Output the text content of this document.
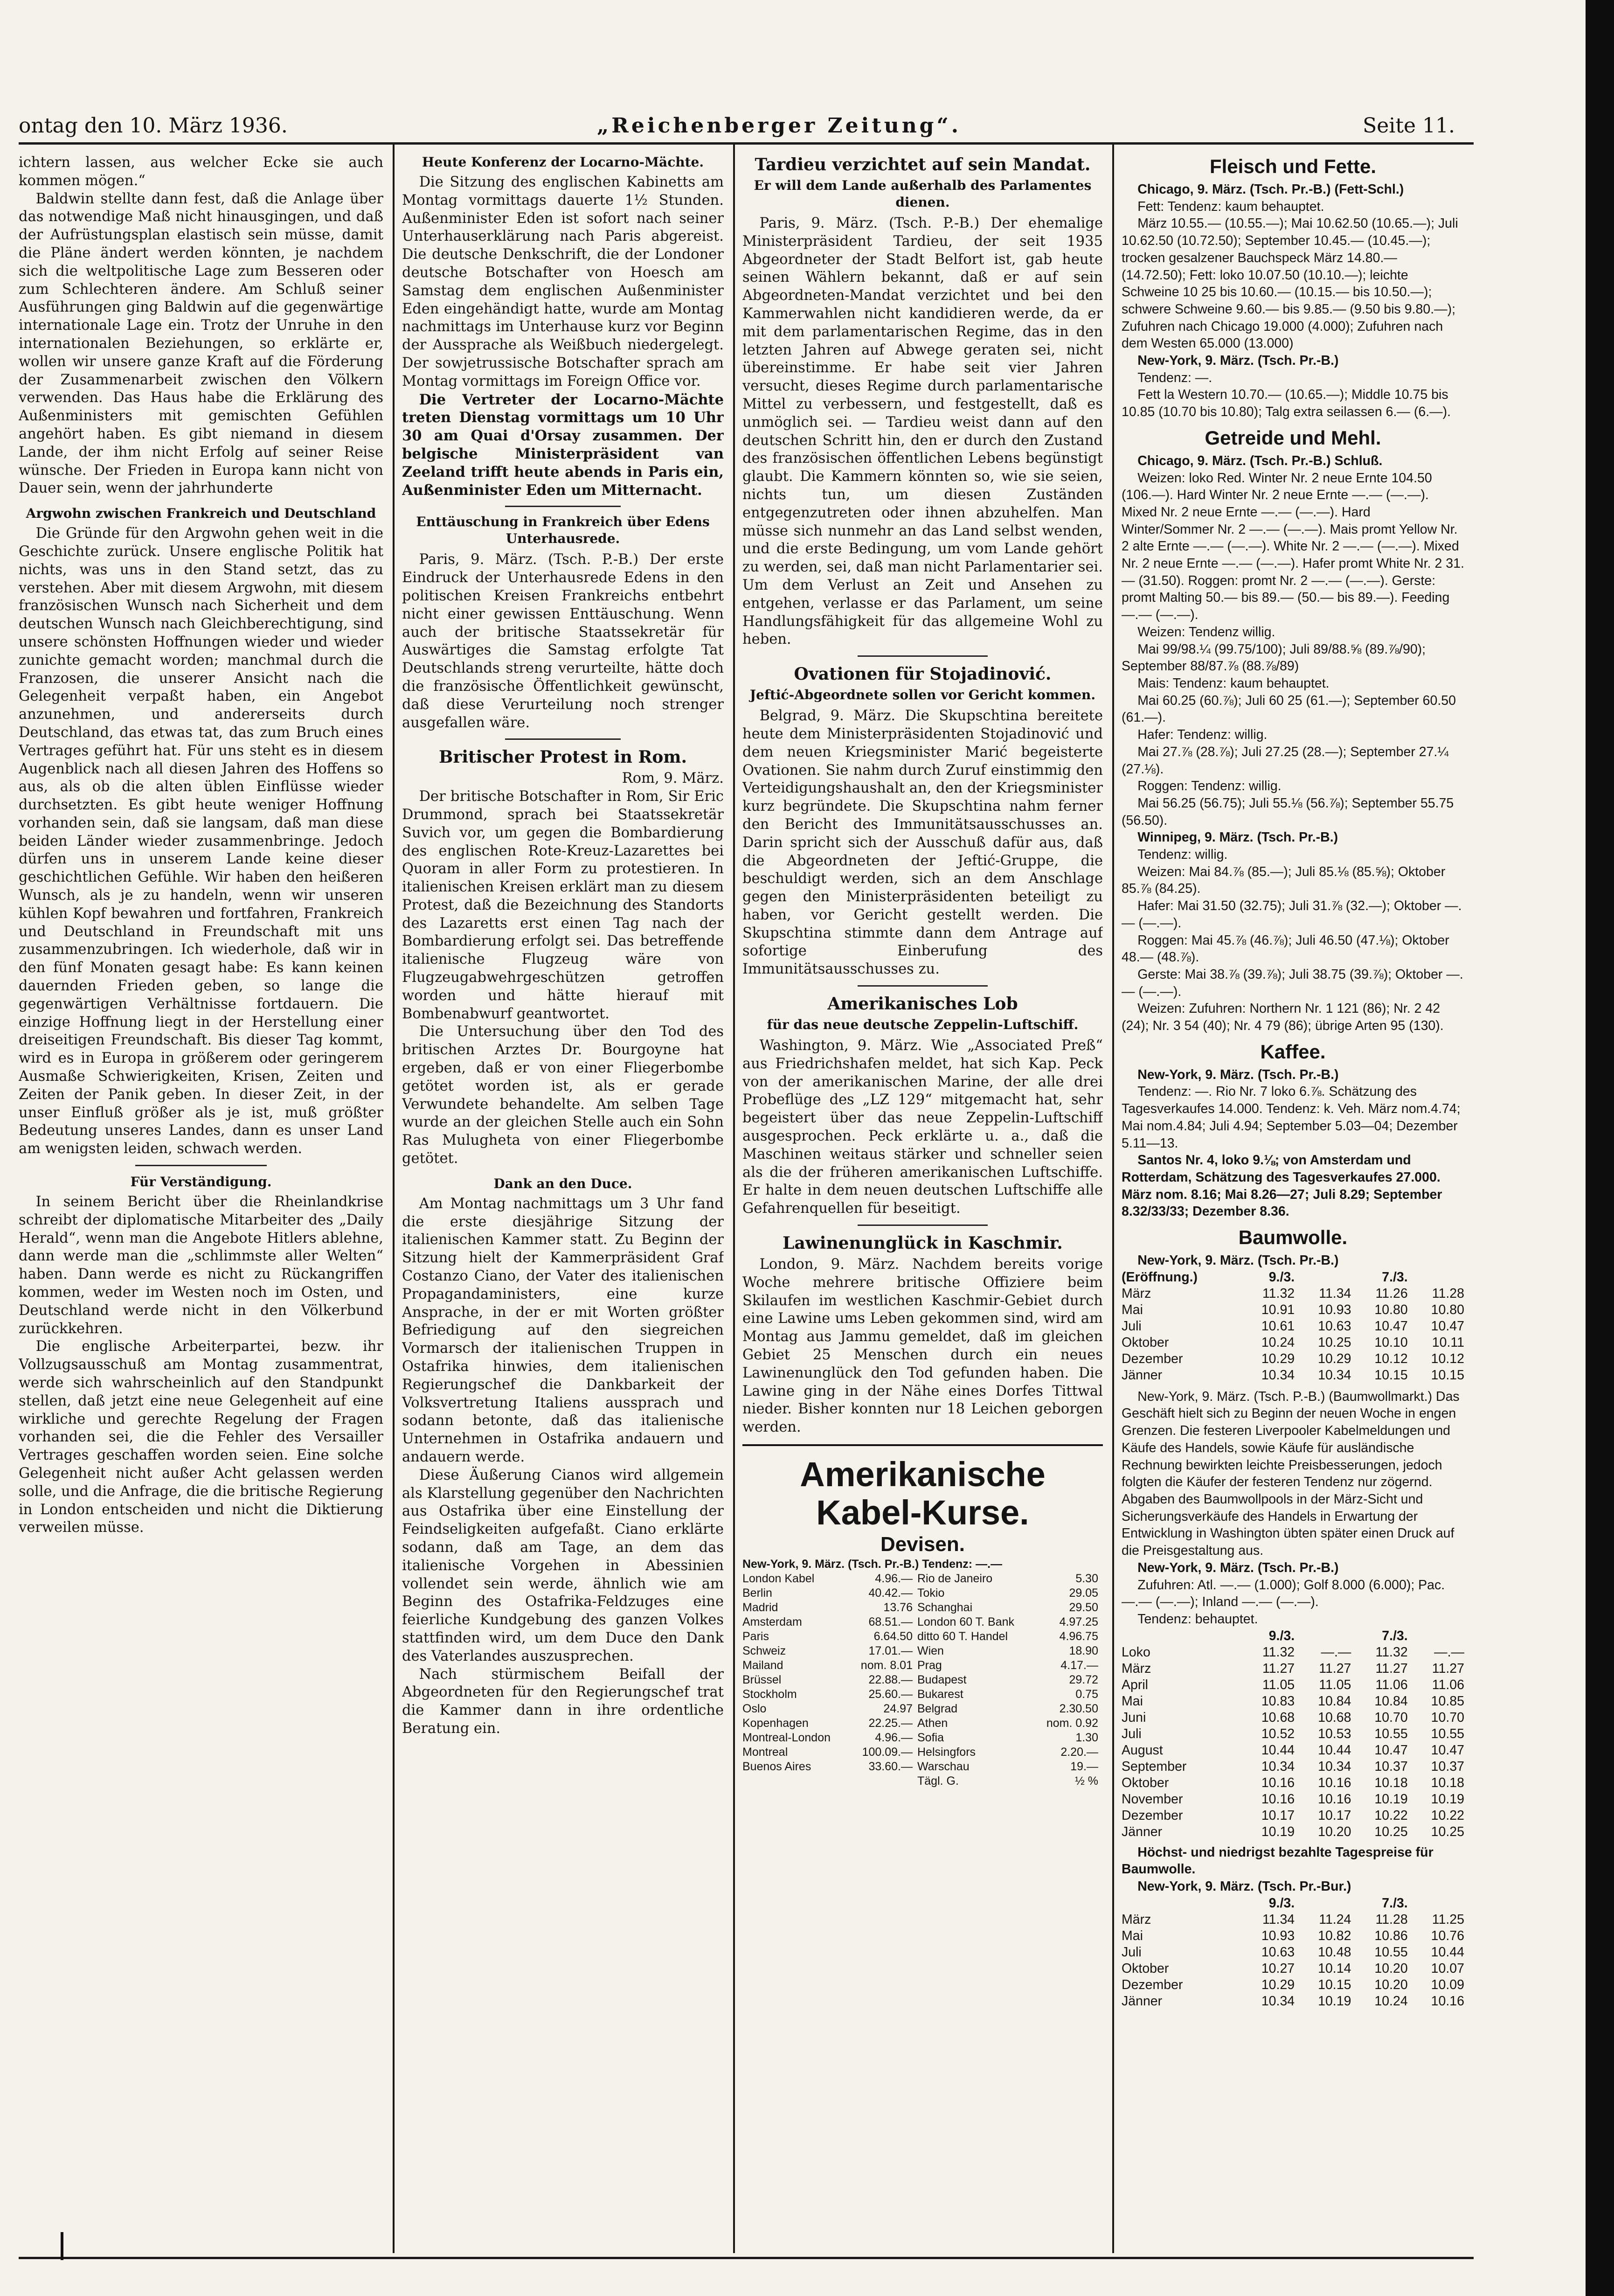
ontag den 10. März 1936.	„Reichenberger Zeitung“.	Seite 11.

ichtern lassen, aus welcher Ecke sie auch kommen mögen.“

Baldwin stellte dann fest, daß die Anlage über das notwendige Maß nicht hinausgingen, und daß der Aufrüstungsplan elastisch sein müsse, damit die Pläne ändert werden könnten, je nachdem sich die weltpolitische Lage zum Besseren oder zum Schlechteren ändere. Am Schluß seiner Ausführungen ging Baldwin auf die gegenwärtige internationale Lage ein. Trotz der Unruhe in den internationalen Beziehungen, so erklärte er, wollen wir unsere ganze Kraft auf die Förderung der Zusammenarbeit zwischen den Völkern verwenden. Das Haus habe die Erklärung des Außenministers mit gemischten Gefühlen angehört haben. Es gibt niemand in diesem Lande, der ihm nicht Erfolg auf seiner Reise wünsche. Der Frieden in Europa kann nicht von Dauer sein, wenn der jahrhunderte

Argwohn zwischen Frankreich und Deutschland

Die Gründe für den Argwohn gehen weit in die Geschichte zurück. Unsere englische Politik hat nichts, was uns in den Stand setzt, das zu verstehen. Aber mit diesem Argwohn, mit diesem französischen Wunsch nach Sicherheit und dem deutschen Wunsch nach Gleichberechtigung, sind unsere schönsten Hoffnungen wieder und wieder zunichte gemacht worden; manchmal durch die Franzosen, die unserer Ansicht nach die Gelegenheit verpaßt haben, ein Angebot anzunehmen, und andererseits durch Deutschland, das etwas tat, das zum Bruch eines Vertrages geführt hat. Für uns steht es in diesem Augenblick nach all diesen Jahren des Hoffens so aus, als ob die alten üblen Einflüsse wieder durchsetzten. Es gibt heute weniger Hoffnung vorhanden sein, daß sie langsam, daß man diese beiden Länder wieder zusammenbringe. Jedoch dürfen uns in unserem Lande keine dieser geschichtlichen Gefühle. Wir haben den heißeren Wunsch, als je zu handeln, wenn wir unseren kühlen Kopf bewahren und fortfahren, Frankreich und Deutschland in Freundschaft mit uns zusammenzubringen. Ich wiederhole, daß wir in den fünf Monaten gesagt habe: Es kann keinen dauernden Frieden geben, so lange die gegenwärtigen Verhältnisse fortdauern. Die einzige Hoffnung liegt in der Herstellung einer dreiseitigen Freundschaft. Bis dieser Tag kommt, wird es in Europa in größerem oder geringerem Ausmaße Schwierigkeiten, Krisen, Zeiten und Zeiten der Panik geben. In dieser Zeit, in der unser Einfluß größer als je ist, muß größter Bedeutung unseres Landes, dann es unser Land am wenigsten leiden, schwach werden.

Für Verständigung.

In seinem Bericht über die Rheinlandkrise schreibt der diplomatische Mitarbeiter des „Daily Herald“, wenn man die Angebote Hitlers ablehne, dann werde man die „schlimmste aller Welten“ haben. Dann werde es nicht zu Rückangriffen kommen, weder im Westen noch im Osten, und Deutschland werde nicht in den Völkerbund zurückkehren.

Die englische Arbeiterpartei, bezw. ihr Vollzugsausschuß am Montag zusammentrat, werde sich wahrscheinlich auf den Standpunkt stellen, daß jetzt eine neue Gelegenheit auf eine wirkliche und gerechte Regelung der Fragen vorhanden sei, die die Fehler des Versailler Vertrages geschaffen worden seien. Eine solche Gelegenheit nicht außer Acht gelassen werden solle, und die Anfrage, die die britische Regierung in London entscheiden und nicht die Diktierung verweilen müsse.

Heute Konferenz der Locarno-Mächte.

Die Sitzung des englischen Kabinetts am Montag vormittags dauerte 1½ Stunden. Außenminister Eden ist sofort nach seiner Unterhauserklärung nach Paris abgereist. Die deutsche Denkschrift, die der Londoner deutsche Botschafter von Hoesch am Samstag dem englischen Außenminister Eden eingehändigt hatte, wurde am Montag nachmittags im Unterhause kurz vor Beginn der Aussprache als Weißbuch niedergelegt. Der sowjetrussische Botschafter sprach am Montag vormittags im Foreign Office vor.

Die Vertreter der Locarno-Mächte treten Dienstag vormittags um 10 Uhr 30 am Quai d'Orsay zusammen. Der belgische Ministerpräsident van Zeeland trifft heute abends in Paris ein, Außenminister Eden um Mitternacht.

Enttäuschung in Frankreich über Edens Unterhausrede.

Paris, 9. März. (Tsch. P.-B.) Der erste Eindruck der Unterhausrede Edens in den politischen Kreisen Frankreichs entbehrt nicht einer gewissen Enttäuschung. Wenn auch der britische Staatssekretär für Auswärtiges die Samstag erfolgte Tat Deutschlands streng verurteilte, hätte doch die französische Öffentlichkeit gewünscht, daß diese Verurteilung noch strenger ausgefallen wäre.

Britischer Protest in Rom.

Rom, 9. März.

Der britische Botschafter in Rom, Sir Eric Drummond, sprach bei Staatssekretär Suvich vor, um gegen die Bombardierung des englischen Rote-Kreuz-Lazarettes bei Quoram in aller Form zu protestieren. In italienischen Kreisen erklärt man zu diesem Protest, daß die Bezeichnung des Standorts des Lazaretts erst einen Tag nach der Bombardierung erfolgt sei. Das betreffende italienische Flugzeug wäre von Flugzeugabwehrgeschützen getroffen worden und hätte hierauf mit Bombenabwurf geantwortet.

Die Untersuchung über den Tod des britischen Arztes Dr. Bourgoyne hat ergeben, daß er von einer Fliegerbombe getötet worden ist, als er gerade Verwundete behandelte. Am selben Tage wurde an der gleichen Stelle auch ein Sohn Ras Mulugheta von einer Fliegerbombe getötet.

Dank an den Duce.

Am Montag nachmittags um 3 Uhr fand die erste diesjährige Sitzung der italienischen Kammer statt. Zu Beginn der Sitzung hielt der Kammerpräsident Graf Costanzo Ciano, der Vater des italienischen Propagandaministers, eine kurze Ansprache, in der er mit Worten größter Befriedigung auf den siegreichen Vormarsch der italienischen Truppen in Ostafrika hinwies, dem italienischen Regierungschef die Dankbarkeit der Volksvertretung Italiens aussprach und sodann betonte, daß das italienische Unternehmen in Ostafrika andauern und andauern werde.

Diese Äußerung Cianos wird allgemein als Klarstellung gegenüber den Nachrichten aus Ostafrika über eine Einstellung der Feindseligkeiten aufgefaßt. Ciano erklärte sodann, daß am Tage, an dem das italienische Vorgehen in Abessinien vollendet sein werde, ähnlich wie am Beginn des Ostafrika-Feldzuges eine feierliche Kundgebung des ganzen Volkes stattfinden wird, um dem Duce den Dank des Vaterlandes auszusprechen.

Nach stürmischem Beifall der Abgeordneten für den Regierungschef trat die Kammer dann in ihre ordentliche Beratung ein.

Tardieu verzichtet auf sein Mandat.
Er will dem Lande außerhalb des Parlamentes dienen.

Paris, 9. März. (Tsch. P.-B.) Der ehemalige Ministerpräsident Tardieu, der seit 1935 Abgeordneter der Stadt Belfort ist, gab heute seinen Wählern bekannt, daß er auf sein Abgeordneten-Mandat verzichtet und bei den Kammerwahlen nicht kandidieren werde, da er mit dem parlamentarischen Regime, das in den letzten Jahren auf Abwege geraten sei, nicht übereinstimme. Er habe seit vier Jahren versucht, dieses Regime durch parlamentarische Mittel zu verbessern, und festgestellt, daß es unmöglich sei. — Tardieu weist dann auf den deutschen Schritt hin, den er durch den Zustand des französischen öffentlichen Lebens begünstigt glaubt. Die Kammern könnten so, wie sie seien, nichts tun, um diesen Zuständen entgegenzutreten oder ihnen abzuhelfen. Man müsse sich nunmehr an das Land selbst wenden, und die erste Bedingung, um vom Lande gehört zu werden, sei, daß man nicht Parlamentarier sei. Um dem Verlust an Zeit und Ansehen zu entgehen, verlasse er das Parlament, um seine Handlungsfähigkeit für das allgemeine Wohl zu heben.

Ovationen für Stojadinović.
Jeftić-Abgeordnete sollen vor Gericht kommen.

Belgrad, 9. März. Die Skupschtina bereitete heute dem Ministerpräsidenten Stojadinović und dem neuen Kriegsminister Marić begeisterte Ovationen. Sie nahm durch Zuruf einstimmig den Verteidigungshaushalt an, den der Kriegsminister kurz begründete. Die Skupschtina nahm ferner den Bericht des Immunitätsausschusses an. Darin spricht sich der Ausschuß dafür aus, daß die Abgeordneten der Jeftić-Gruppe, die beschuldigt werden, sich an dem Anschlage gegen den Ministerpräsidenten beteiligt zu haben, vor Gericht gestellt werden. Die Skupschtina stimmte dann dem Antrage auf sofortige Einberufung des Immunitätsausschusses zu.

Amerikanisches Lob
für das neue deutsche Zeppelin-Luftschiff.

Washington, 9. März. Wie „Associated Preß“ aus Friedrichshafen meldet, hat sich Kap. Peck von der amerikanischen Marine, der alle drei Probeflüge des „LZ 129“ mitgemacht hat, sehr begeistert über das neue Zeppelin-Luftschiff ausgesprochen. Peck erklärte u. a., daß die Maschinen weitaus stärker und schneller seien als die der früheren amerikanischen Luftschiffe. Er halte in dem neuen deutschen Luftschiffe alle Gefahrenquellen für beseitigt.

Lawinenunglück in Kaschmir.

London, 9. März. Nachdem bereits vorige Woche mehrere britische Offiziere beim Skilaufen im westlichen Kaschmir-Gebiet durch eine Lawine ums Leben gekommen sind, wird am Montag aus Jammu gemeldet, daß im gleichen Gebiet 25 Menschen durch ein neues Lawinenunglück den Tod gefunden haben. Die Lawine ging in der Nähe eines Dorfes Tittwal nieder. Bisher konnten nur 18 Leichen geborgen werden.

Amerikanische Kabel-Kurse.
Devisen.
New-York, 9. März. (Tsch. Pr.-B.) Tendenz: —.—
London Kabel	4.96.—	Rio de Janeiro	5.30
Berlin	40.42.—	Tokio	29.05
Madrid	13.76	Schanghai	29.50
Amsterdam	68.51.—	London 60 T. Bank	4.97.25
Paris	6.64.50	ditto 60 T. Handel	4.96.75
Schweiz	17.01.—	Wien	18.90
Mailand	nom. 8.01	Prag	4.17.—
Brüssel	22.88.—	Budapest	29.72
Stockholm	25.60.—	Bukarest	0.75
Oslo	24.97	Belgrad	2.30.50
Kopenhagen	22.25.—	Athen	nom. 0.92
Montreal-London	4.96.—	Sofia	1.30
Montreal	100.09.—	Helsingfors	2.20.—
Buenos Aires	33.60.—	Warschau	19.—
		Tägl. G.	½ %
Fleisch und Fette.

Chicago, 9. März. (Tsch. Pr.-B.) (Fett-Schl.)

Fett: Tendenz: kaum behauptet.

März 10.55.— (10.55.—); Mai 10.62.50 (10.65.—); Juli 10.62.50 (10.72.50); September 10.45.— (10.45.—); trocken gesalzener Bauchspeck März 14.80.— (14.72.50); Fett: loko 10.07.50 (10.10.—); leichte Schweine 10 25 bis 10.60.— (10.15.— bis 10.50.—); schwere Schweine 9.60.— bis 9.85.— (9.50 bis 9.80.—); Zufuhren nach Chicago 19.000 (4.000); Zufuhren nach dem Westen 65.000 (13.000)

New-York, 9. März. (Tsch. Pr.-B.)

Tendenz: —.

Fett la Western 10.70.— (10.65.—); Middle 10.75 bis 10.85 (10.70 bis 10.80); Talg extra seilassen 6.— (6.—).

Getreide und Mehl.

Chicago, 9. März. (Tsch. Pr.-B.) Schluß.

Weizen: loko Red. Winter Nr. 2 neue Ernte 104.50 (106.—). Hard Winter Nr. 2 neue Ernte —.— (—.—). Mixed Nr. 2 neue Ernte —.— (—.—). Hard Winter/Sommer Nr. 2 —.— (—.—). Mais promt Yellow Nr. 2 alte Ernte —.— (—.—). White Nr. 2 —.— (—.—). Mixed Nr. 2 neue Ernte —.— (—.—). Hafer promt White Nr. 2 31.— (31.50). Roggen: promt Nr. 2 —.— (—.—). Gerste: promt Malting 50.— bis 89.— (50.— bis 89.—). Feeding —.— (—.—).

Weizen: Tendenz willig.

Mai 99/98.¼ (99.75/100); Juli 89/88.⅝ (89.⅞/90); September 88/87.⅞ (88.⅞/89)

Mais: Tendenz: kaum behauptet.

Mai 60.25 (60.⅞); Juli 60 25 (61.—); September 60.50 (61.—).

Hafer: Tendenz: willig.

Mai 27.⅞ (28.⅞); Juli 27.25 (28.—); September 27.¼ (27.⅛).

Roggen: Tendenz: willig.

Mai 56.25 (56.75); Juli 55.⅛ (56.⅞); September 55.75 (56.50).

Winnipeg, 9. März. (Tsch. Pr.-B.)

Tendenz: willig.

Weizen: Mai 84.⅞ (85.—); Juli 85.⅛ (85.⅝); Oktober 85.⅞ (84.25).

Hafer: Mai 31.50 (32.75); Juli 31.⅞ (32.—); Oktober —.— (—.—).

Roggen: Mai 45.⅞ (46.⅞); Juli 46.50 (47.⅛); Oktober 48.— (48.⅞).

Gerste: Mai 38.⅞ (39.⅞); Juli 38.75 (39.⅞); Oktober —.— (—.—).

Weizen: Zufuhren: Northern Nr. 1 121 (86); Nr. 2 42 (24); Nr. 3 54 (40); Nr. 4 79 (86); übrige Arten 95 (130).

Kaffee.

New-York, 9. März. (Tsch. Pr.-B.)

Tendenz: —. Rio Nr. 7 loko 6.⅞. Schätzung des Tagesverkaufes 14.000. Tendenz: k. Veh. März nom.4.74; Mai nom.4.84; Juli 4.94; September 5.03—04; Dezember 5.11—13.

Santos Nr. 4, loko 9.⅛; von Amsterdam und Rotterdam, Schätzung des Tagesverkaufes 27.000. März nom. 8.16; Mai 8.26—27; Juli 8.29; September 8.32/33/33; Dezember 8.36.

Baumwolle.

New-York, 9. März. (Tsch. Pr.-B.)

(Eröffnung.)	9./3.		7./3.	
März	11.32	11.34	11.26	11.28
Mai	10.91	10.93	10.80	10.80
Juli	10.61	10.63	10.47	10.47
Oktober	10.24	10.25	10.10	10.11
Dezember	10.29	10.29	10.12	10.12
Jänner	10.34	10.34	10.15	10.15

New-York, 9. März. (Tsch. P.-B.) (Baumwollmarkt.) Das Geschäft hielt sich zu Beginn der neuen Woche in engen Grenzen. Die festeren Liverpooler Kabelmeldungen und Käufe des Handels, sowie Käufe für ausländische Rechnung bewirkten leichte Preisbesserungen, jedoch folgten die Käufer der festeren Tendenz nur zögernd. Abgaben des Baumwollpools in der März-Sicht und Sicherungsverkäufe des Handels in Erwartung der Entwicklung in Washington übten später einen Druck auf die Preisgestaltung aus.

New-York, 9. März. (Tsch. Pr.-B.)

Zufuhren: Atl. —.— (1.000); Golf 8.000 (6.000); Pac. —.— (—.—); Inland —.— (—.—).

Tendenz: behauptet.

	9./3.		7./3.	
Loko	11.32	—.—	11.32	—.—
März	11.27	11.27	11.27	11.27
April	11.05	11.05	11.06	11.06
Mai	10.83	10.84	10.84	10.85
Juni	10.68	10.68	10.70	10.70
Juli	10.52	10.53	10.55	10.55
August	10.44	10.44	10.47	10.47
September	10.34	10.34	10.37	10.37
Oktober	10.16	10.16	10.18	10.18
November	10.16	10.16	10.19	10.19
Dezember	10.17	10.17	10.22	10.22
Jänner	10.19	10.20	10.25	10.25

Höchst- und niedrigst bezahlte Tagespreise für Baumwolle.

New-York, 9. März. (Tsch. Pr.-Bur.)

	9./3.		7./3.	
März	11.34	11.24	11.28	11.25
Mai	10.93	10.82	10.86	10.76
Juli	10.63	10.48	10.55	10.44
Oktober	10.27	10.14	10.20	10.07
Dezember	10.29	10.15	10.20	10.09
Jänner	10.34	10.19	10.24	10.16
